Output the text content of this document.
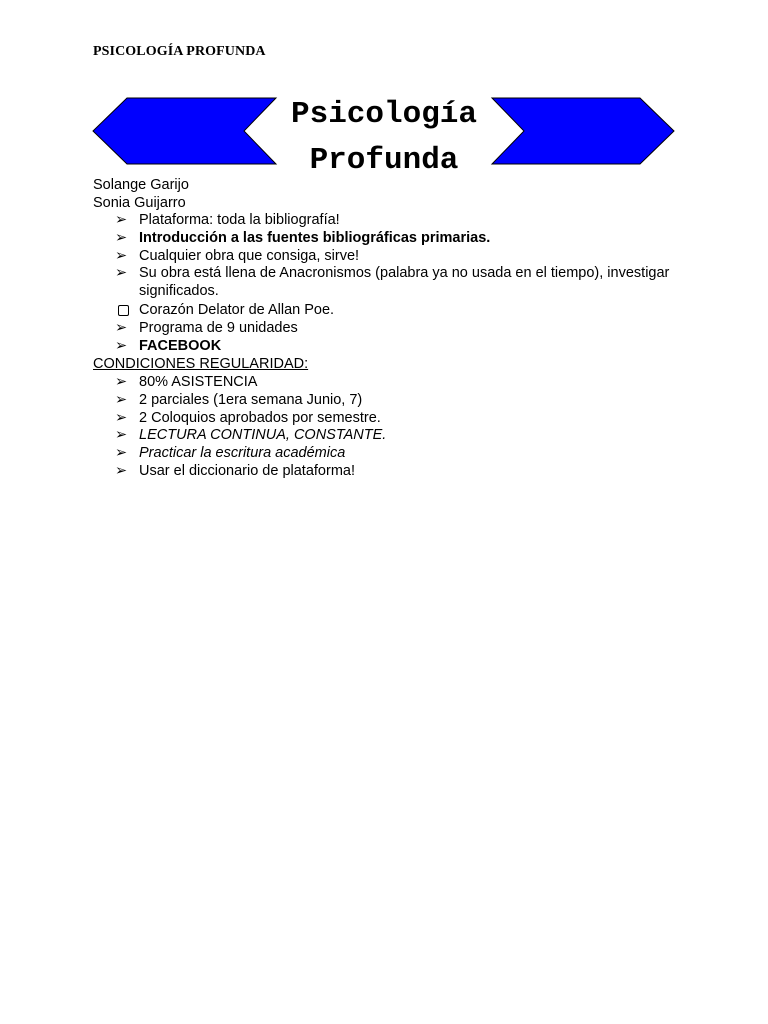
PSICOLOGÍA PROFUNDA
Psicología
Profunda
Solange Garijo
Sonia Guijarro
➢ Plataforma: toda la bibliografía!
➢ Introducción a las fuentes bibliográficas primarias.
➢ Cualquier obra que consiga, sirve!
➢ Su obra está llena de Anacronismos (palabra ya no usada en el tiempo), investigar significados.
Corazón Delator de Allan Poe.
➢ Programa de 9 unidades
➢ FACEBOOK
CONDICIONES REGULARIDAD:
➢ 80% ASISTENCIA
➢ 2 parciales (1era semana Junio, 7)
➢ 2 Coloquios aprobados por semestre.
➢ LECTURA CONTINUA, CONSTANTE.
➢ Practicar la escritura académica
➢ Usar el diccionario de plataforma!
